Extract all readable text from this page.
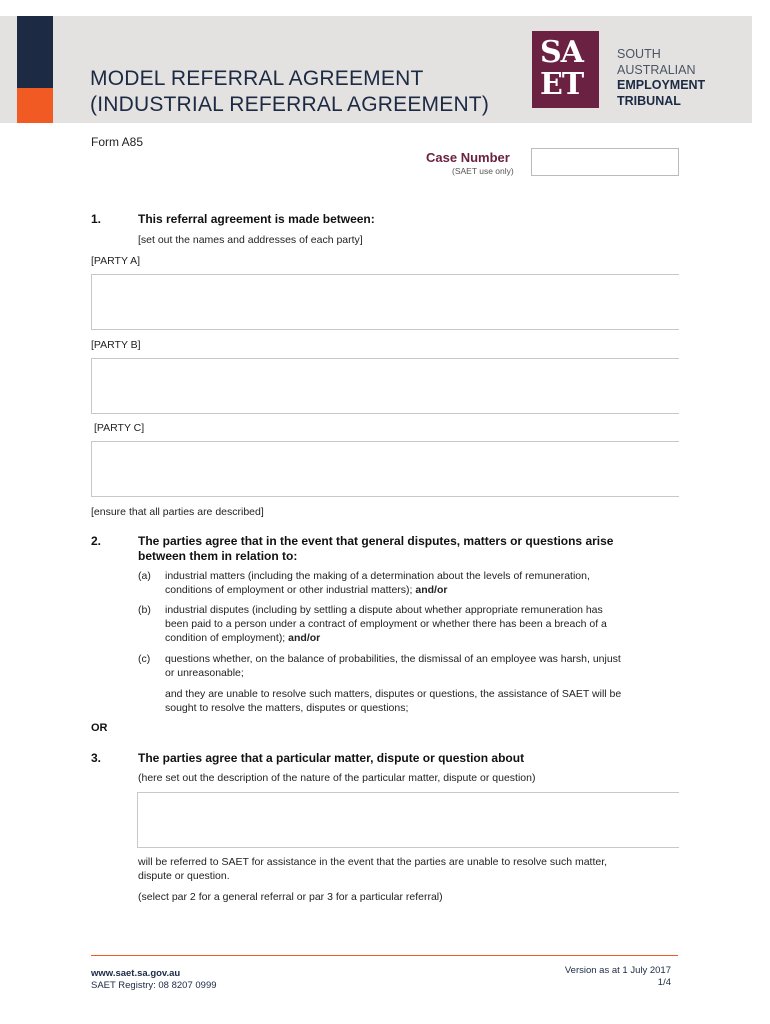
MODEL REFERRAL AGREEMENT
(INDUSTRIAL REFERRAL AGREEMENT)
SA
ET
SOUTH
AUSTRALIAN
EMPLOYMENT
TRIBUNAL
Form A85
Case Number
(SAET use only)
1.	This referral agreement is made between:
[set out the names and addresses of each party]
[PARTY A]
[PARTY B]
[PARTY C]
[ensure that all parties are described]
2.	The parties agree that in the event that general disputes, matters or questions arise
between them in relation to:
(a) industrial matters (including the making of a determination about the levels of remuneration,
conditions of employment or other industrial matters); and/or
(b) industrial disputes (including by settling a dispute about whether appropriate remuneration has
been paid to a person under a contract of employment or whether there has been a breach of a
condition of employment); and/or
(c) questions whether, on the balance of probabilities, the dismissal of an employee was harsh, unjust
or unreasonable;
and they are unable to resolve such matters, disputes or questions, the assistance of SAET will be
sought to resolve the matters, disputes or questions;
OR
3.	The parties agree that a particular matter, dispute or question about
(here set out the description of the nature of the particular matter, dispute or question)
will be referred to SAET for assistance in the event that the parties are unable to resolve such matter,
dispute or question.
(select par 2 for a general referral or par 3 for a particular referral)
www.saet.sa.gov.au
SAET Registry: 08 8207 0999
Version as at 1 July 2017
1/4
